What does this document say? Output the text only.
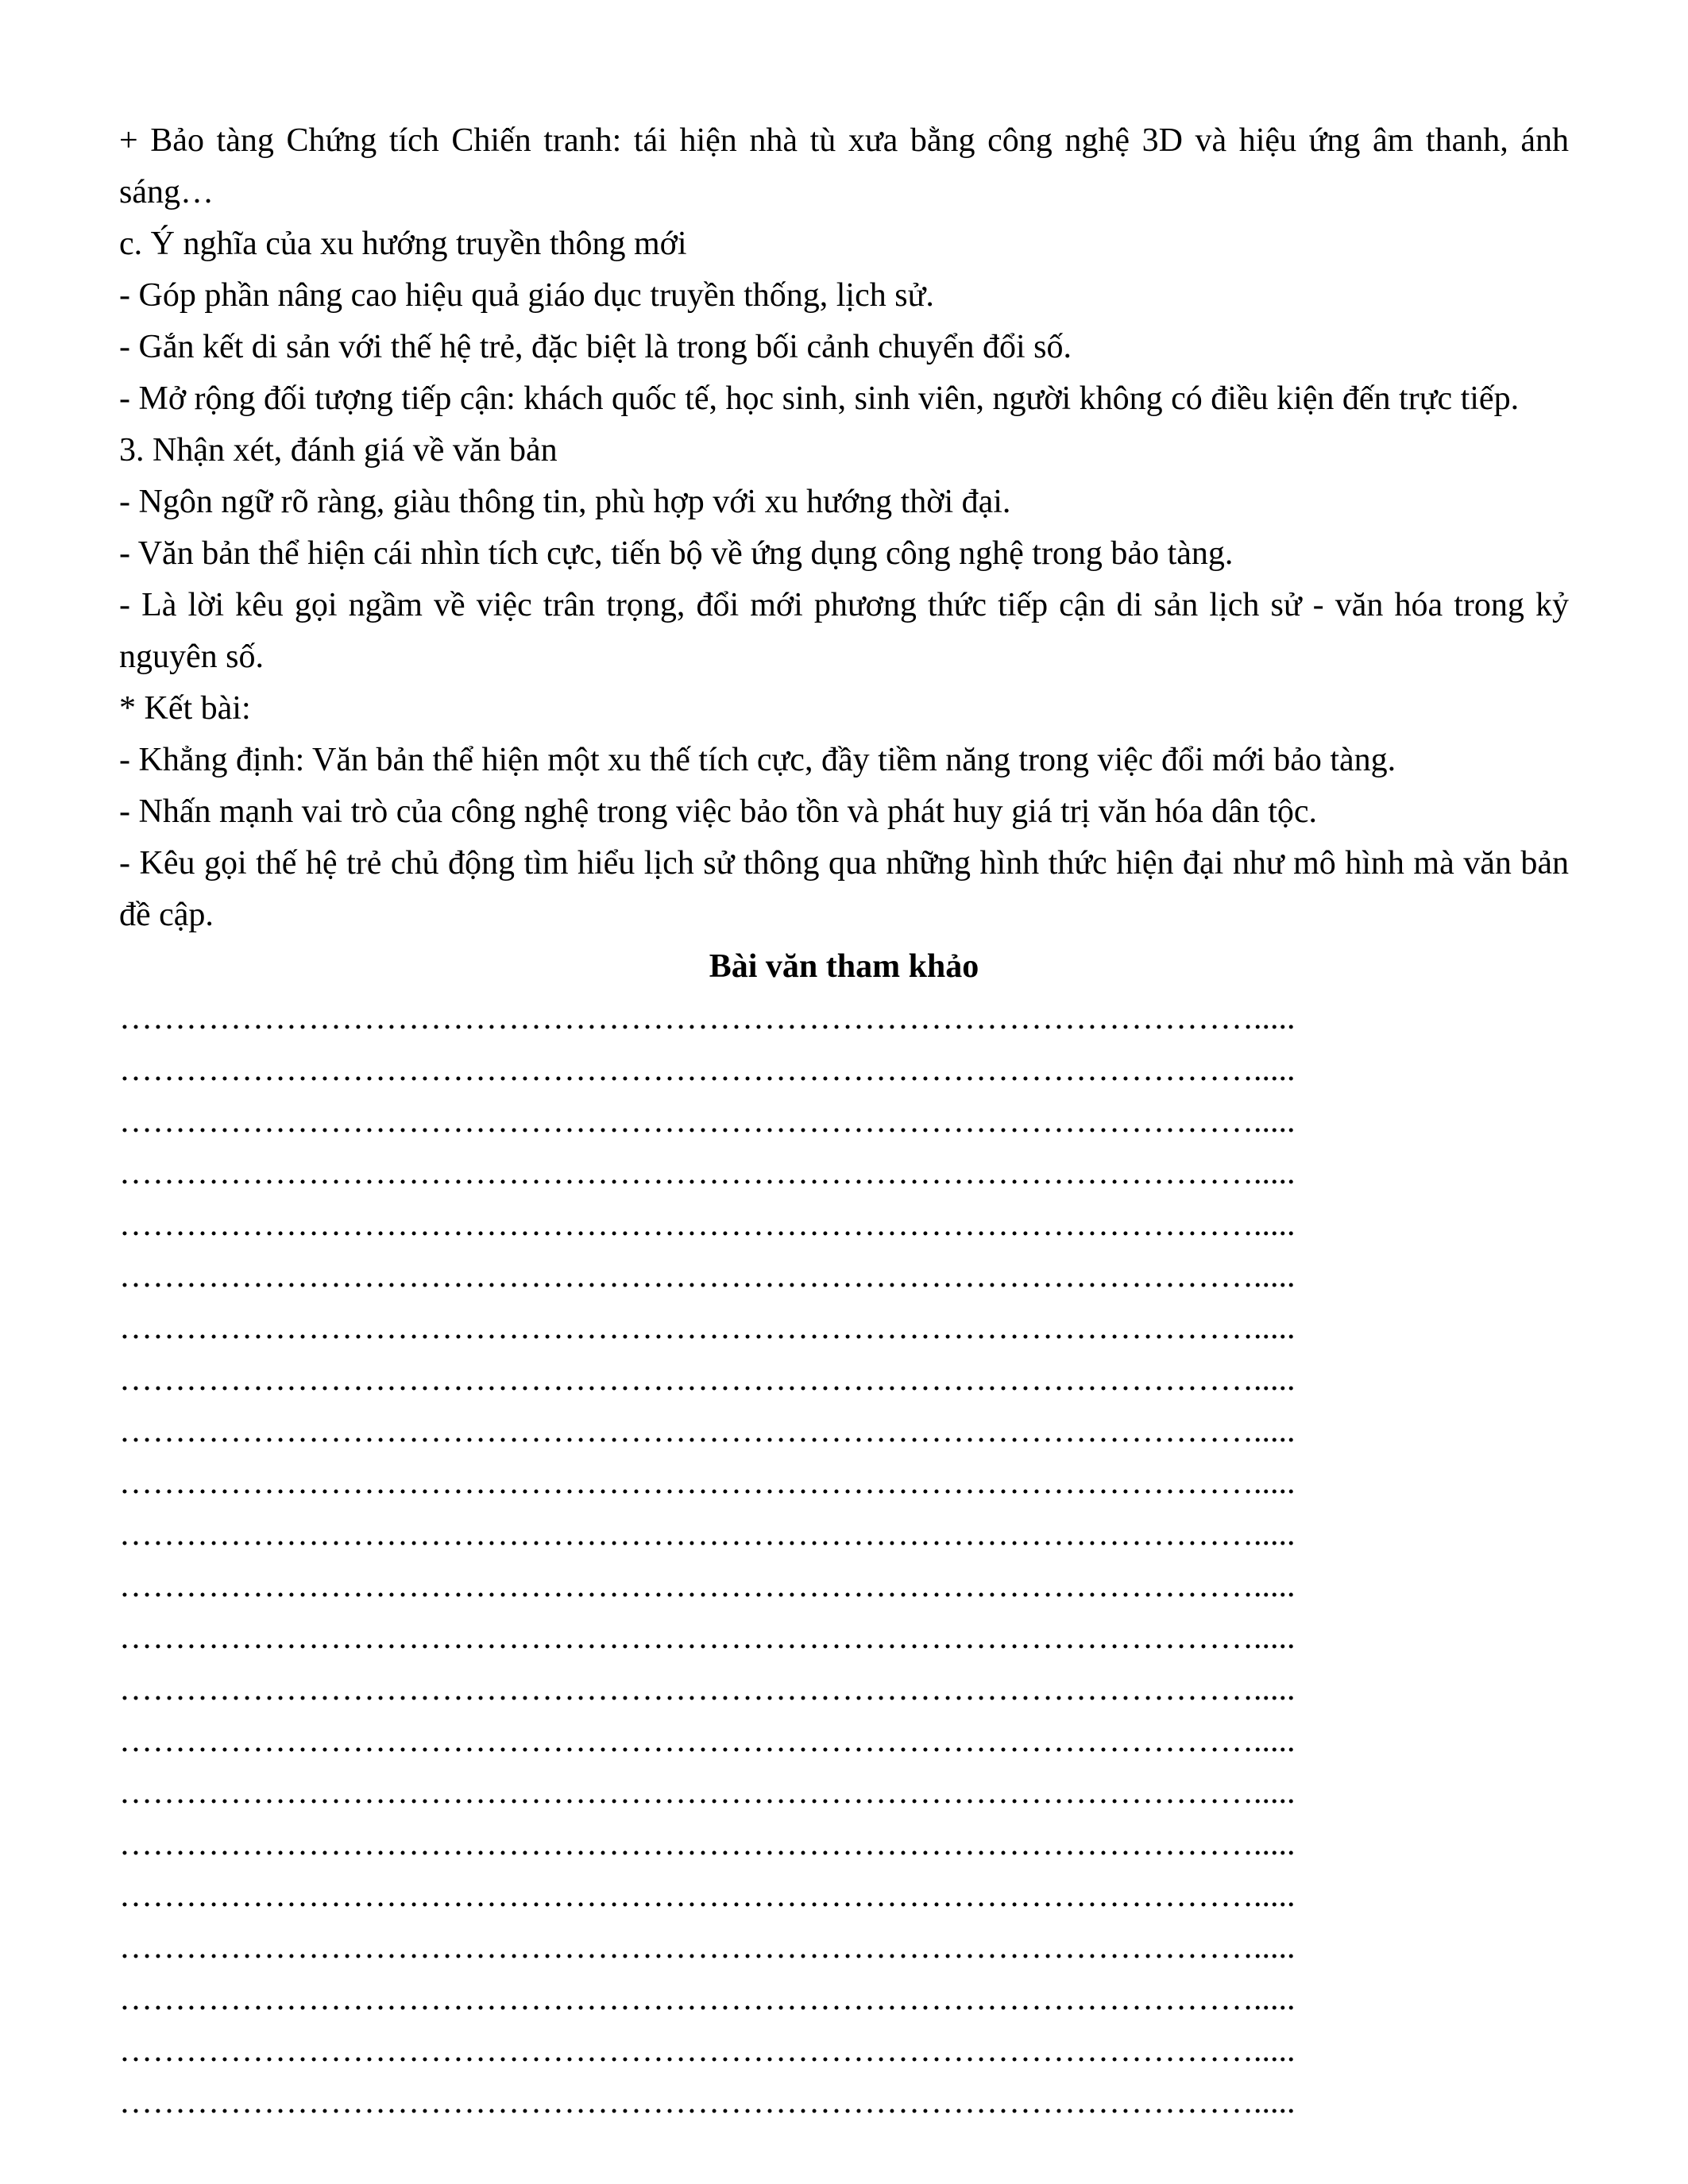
+ Bảo tàng Chứng tích Chiến tranh: tái hiện nhà tù xưa bằng công nghệ 3D và hiệu ứng âm thanh, ánh sáng…

c. Ý nghĩa của xu hướng truyền thông mới

- Góp phần nâng cao hiệu quả giáo dục truyền thống, lịch sử.

- Gắn kết di sản với thế hệ trẻ, đặc biệt là trong bối cảnh chuyển đổi số.

- Mở rộng đối tượng tiếp cận: khách quốc tế, học sinh, sinh viên, người không có điều kiện đến trực tiếp.

3. Nhận xét, đánh giá về văn bản

- Ngôn ngữ rõ ràng, giàu thông tin, phù hợp với xu hướng thời đại.

- Văn bản thể hiện cái nhìn tích cực, tiến bộ về ứng dụng công nghệ trong bảo tàng.

- Là lời kêu gọi ngầm về việc trân trọng, đổi mới phương thức tiếp cận di sản lịch sử - văn hóa trong kỷ nguyên số.

* Kết bài:

- Khẳng định: Văn bản thể hiện một xu thế tích cực, đầy tiềm năng trong việc đổi mới bảo tàng.

- Nhấn mạnh vai trò của công nghệ trong việc bảo tồn và phát huy giá trị văn hóa dân tộc.

- Kêu gọi thế hệ trẻ chủ động tìm hiểu lịch sử thông qua những hình thức hiện đại như mô hình mà văn bản đề cập.

Bài văn tham khảo

………………………………………………………………………………………….....

………………………………………………………………………………………….....

………………………………………………………………………………………….....

………………………………………………………………………………………….....

………………………………………………………………………………………….....

………………………………………………………………………………………….....

………………………………………………………………………………………….....

………………………………………………………………………………………….....

………………………………………………………………………………………….....

………………………………………………………………………………………….....

………………………………………………………………………………………….....

………………………………………………………………………………………….....

………………………………………………………………………………………….....

………………………………………………………………………………………….....

………………………………………………………………………………………….....

………………………………………………………………………………………….....

………………………………………………………………………………………….....

………………………………………………………………………………………….....

………………………………………………………………………………………….....

………………………………………………………………………………………….....

………………………………………………………………………………………….....

………………………………………………………………………………………….....
